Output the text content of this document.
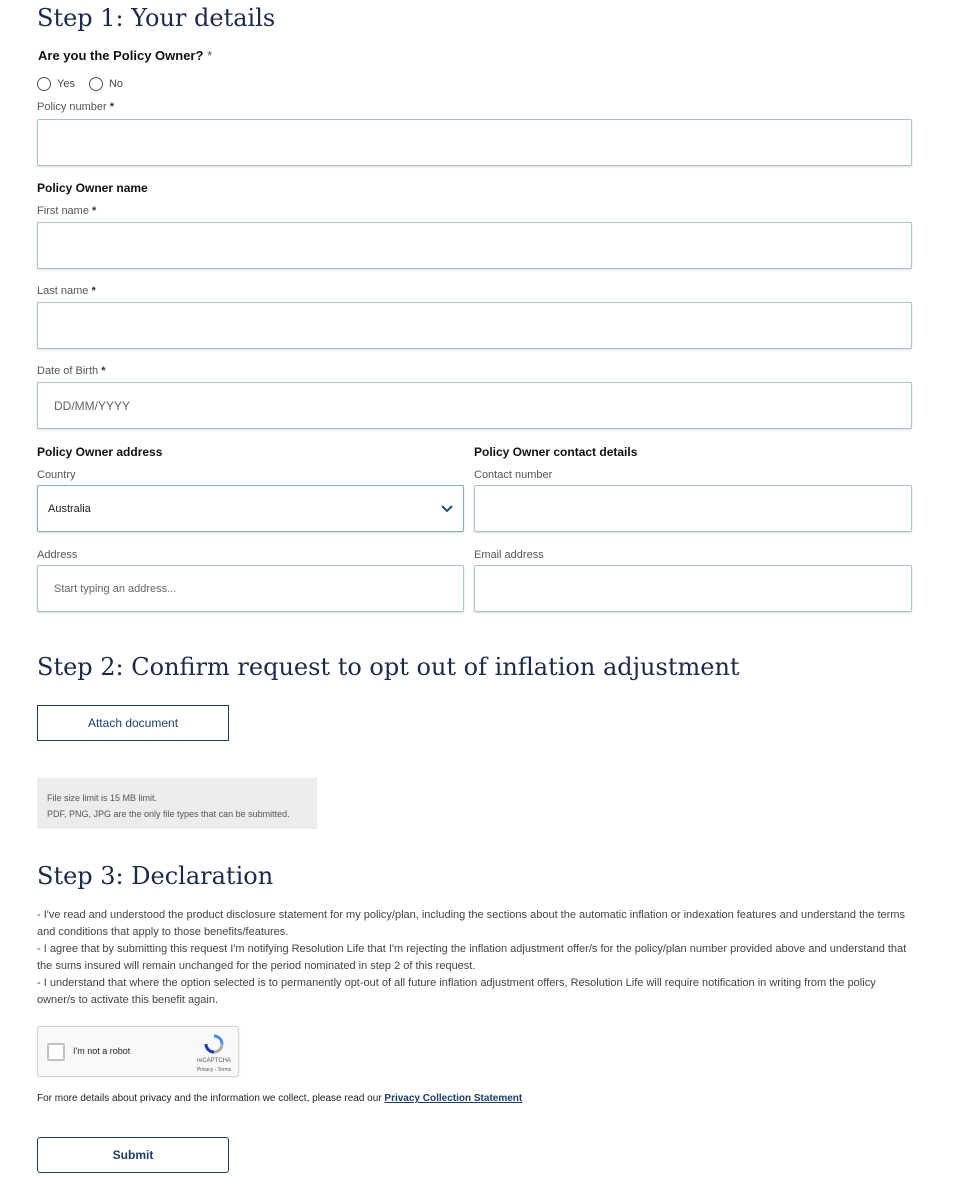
Step 1: Your details
Are you the Policy Owner? *
Yes	No
Policy number *
Policy Owner name
First name *
Last name *
Date of Birth *
DD/MM/YYYY
Policy Owner address	Policy Owner contact details
Country
Australia
Contact number
Address
Start typing an address...
Email address
Step 2: Confirm request to opt out of inflation adjustment
Attach document
File size limit is 15 MB limit.
PDF, PNG, JPG are the only file types that can be submitted.
Step 3: Declaration

- I've read and understood the product disclosure statement for my policy/plan, including the sections about the automatic inflation or indexation features and understand the terms and conditions that apply to those benefits/features.

- I agree that by submitting this request I'm notifying Resolution Life that I'm rejecting the inflation adjustment offer/s for the policy/plan number provided above and understand that the sums insured will remain unchanged for the period nominated in step 2 of this request.

- I understand that where the option selected is to permanently opt-out of all future inflation adjustment offers, Resolution Life will require notification in writing from the policy owner/s to activate this benefit again.

I'm not a robot
reCAPTCHA
Privacy - Terms
For more details about privacy and the information we collect, please read our Privacy Collection Statement
Submit
